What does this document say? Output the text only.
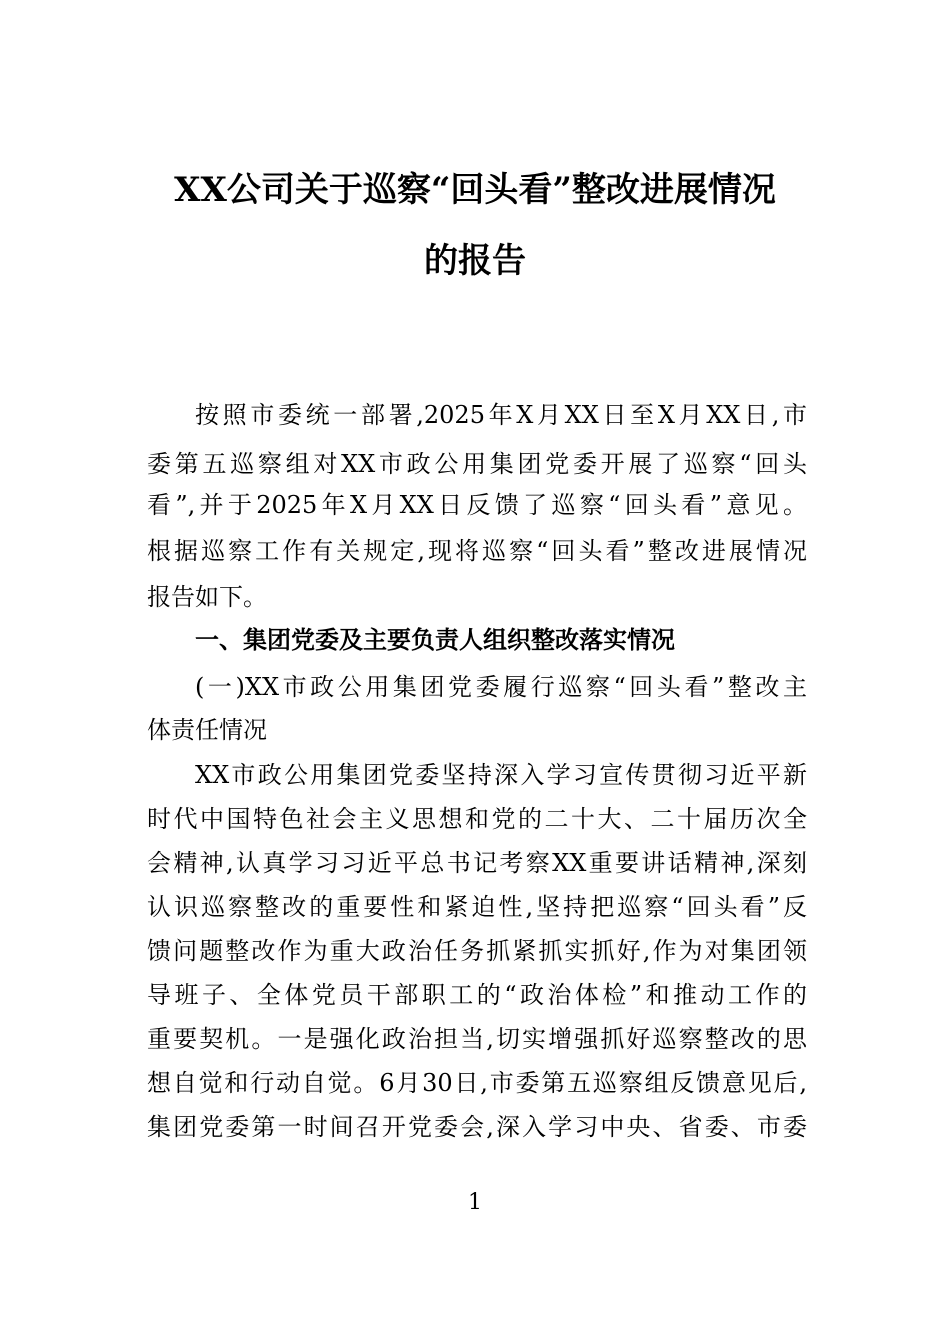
XX公司关于巡察“回头看”整改进展情况
的报告
按照市委统一部署,2025年X月XX日至X月XX日,市
委第五巡察组对XX市政公用集团党委开展了巡察“回头
看”,并于2025年X月XX日反馈了巡察“回头看”意见。
根据巡察工作有关规定,现将巡察“回头看”整改进展情况
报告如下。
一、集团党委及主要负责人组织整改落实情况
(一)XX市政公用集团党委履行巡察“回头看”整改主
体责任情况
XX市政公用集团党委坚持深入学习宣传贯彻习近平新
时代中国特色社会主义思想和党的二十大、二十届历次全
会精神,认真学习习近平总书记考察XX重要讲话精神,深刻
认识巡察整改的重要性和紧迫性,坚持把巡察“回头看”反
馈问题整改作为重大政治任务抓紧抓实抓好,作为对集团领
导班子、全体党员干部职工的“政治体检”和推动工作的
重要契机。一是强化政治担当,切实增强抓好巡察整改的思
想自觉和行动自觉。6月30日,市委第五巡察组反馈意见后,
集团党委第一时间召开党委会,深入学习中央、省委、市委
1
